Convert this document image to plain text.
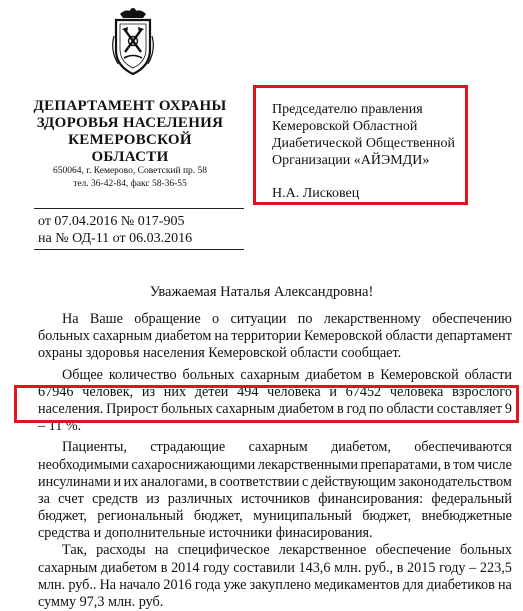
ДЕПАРТАМЕНТ ОХРАНЫ
ЗДОРОВЬЯ НАСЕЛЕНИЯ
КЕМЕРОВСКОЙ
ОБЛАСТИ
650064, г. Кемерово, Советский пр. 58
тел. 36-42-84, факс 58-36-55
от 07.04.2016 № 017-905
на № ОД-11 от 06.03.2016
Председателю правления
Кемеровской Областной
Диабетической Общественной
Организации «АЙЭМДИ»
Н.А. Лисковец
Уважаемая Наталья Александровна!
На Ваше обращение о ситуации по лекарственному обеспечению
больных сахарным диабетом на территории Кемеровской области департамент
охраны здоровья населения Кемеровской области сообщает.
Общее количество больных сахарным диабетом в Кемеровской области
67946 человек, из них детей 494 человека и 67452 человека взрослого
населения. Прирост больных сахарным диабетом в год по области составляет 9
– 11 %.
Пациенты, страдающие сахарным диабетом, обеспечиваются
необходимыми сахароснижающими лекарственными препаратами, в том числе
инсулинами и их аналогами, в соответствии с действующим законодательством
за счет средств из различных источников финансирования: федеральный
бюджет, региональный бюджет, муниципальный бюджет, внебюджетные
средства и дополнительные источники финасирования.
Так, расходы на специфическое лекарственное обеспечение больных
сахарным диабетом в 2014 году составили 143,6 млн. руб., в 2015 году – 223,5
млн. руб.. На начало 2016 года уже закуплено медикаментов для диабетиков на
сумму 97,3 млн. руб.
